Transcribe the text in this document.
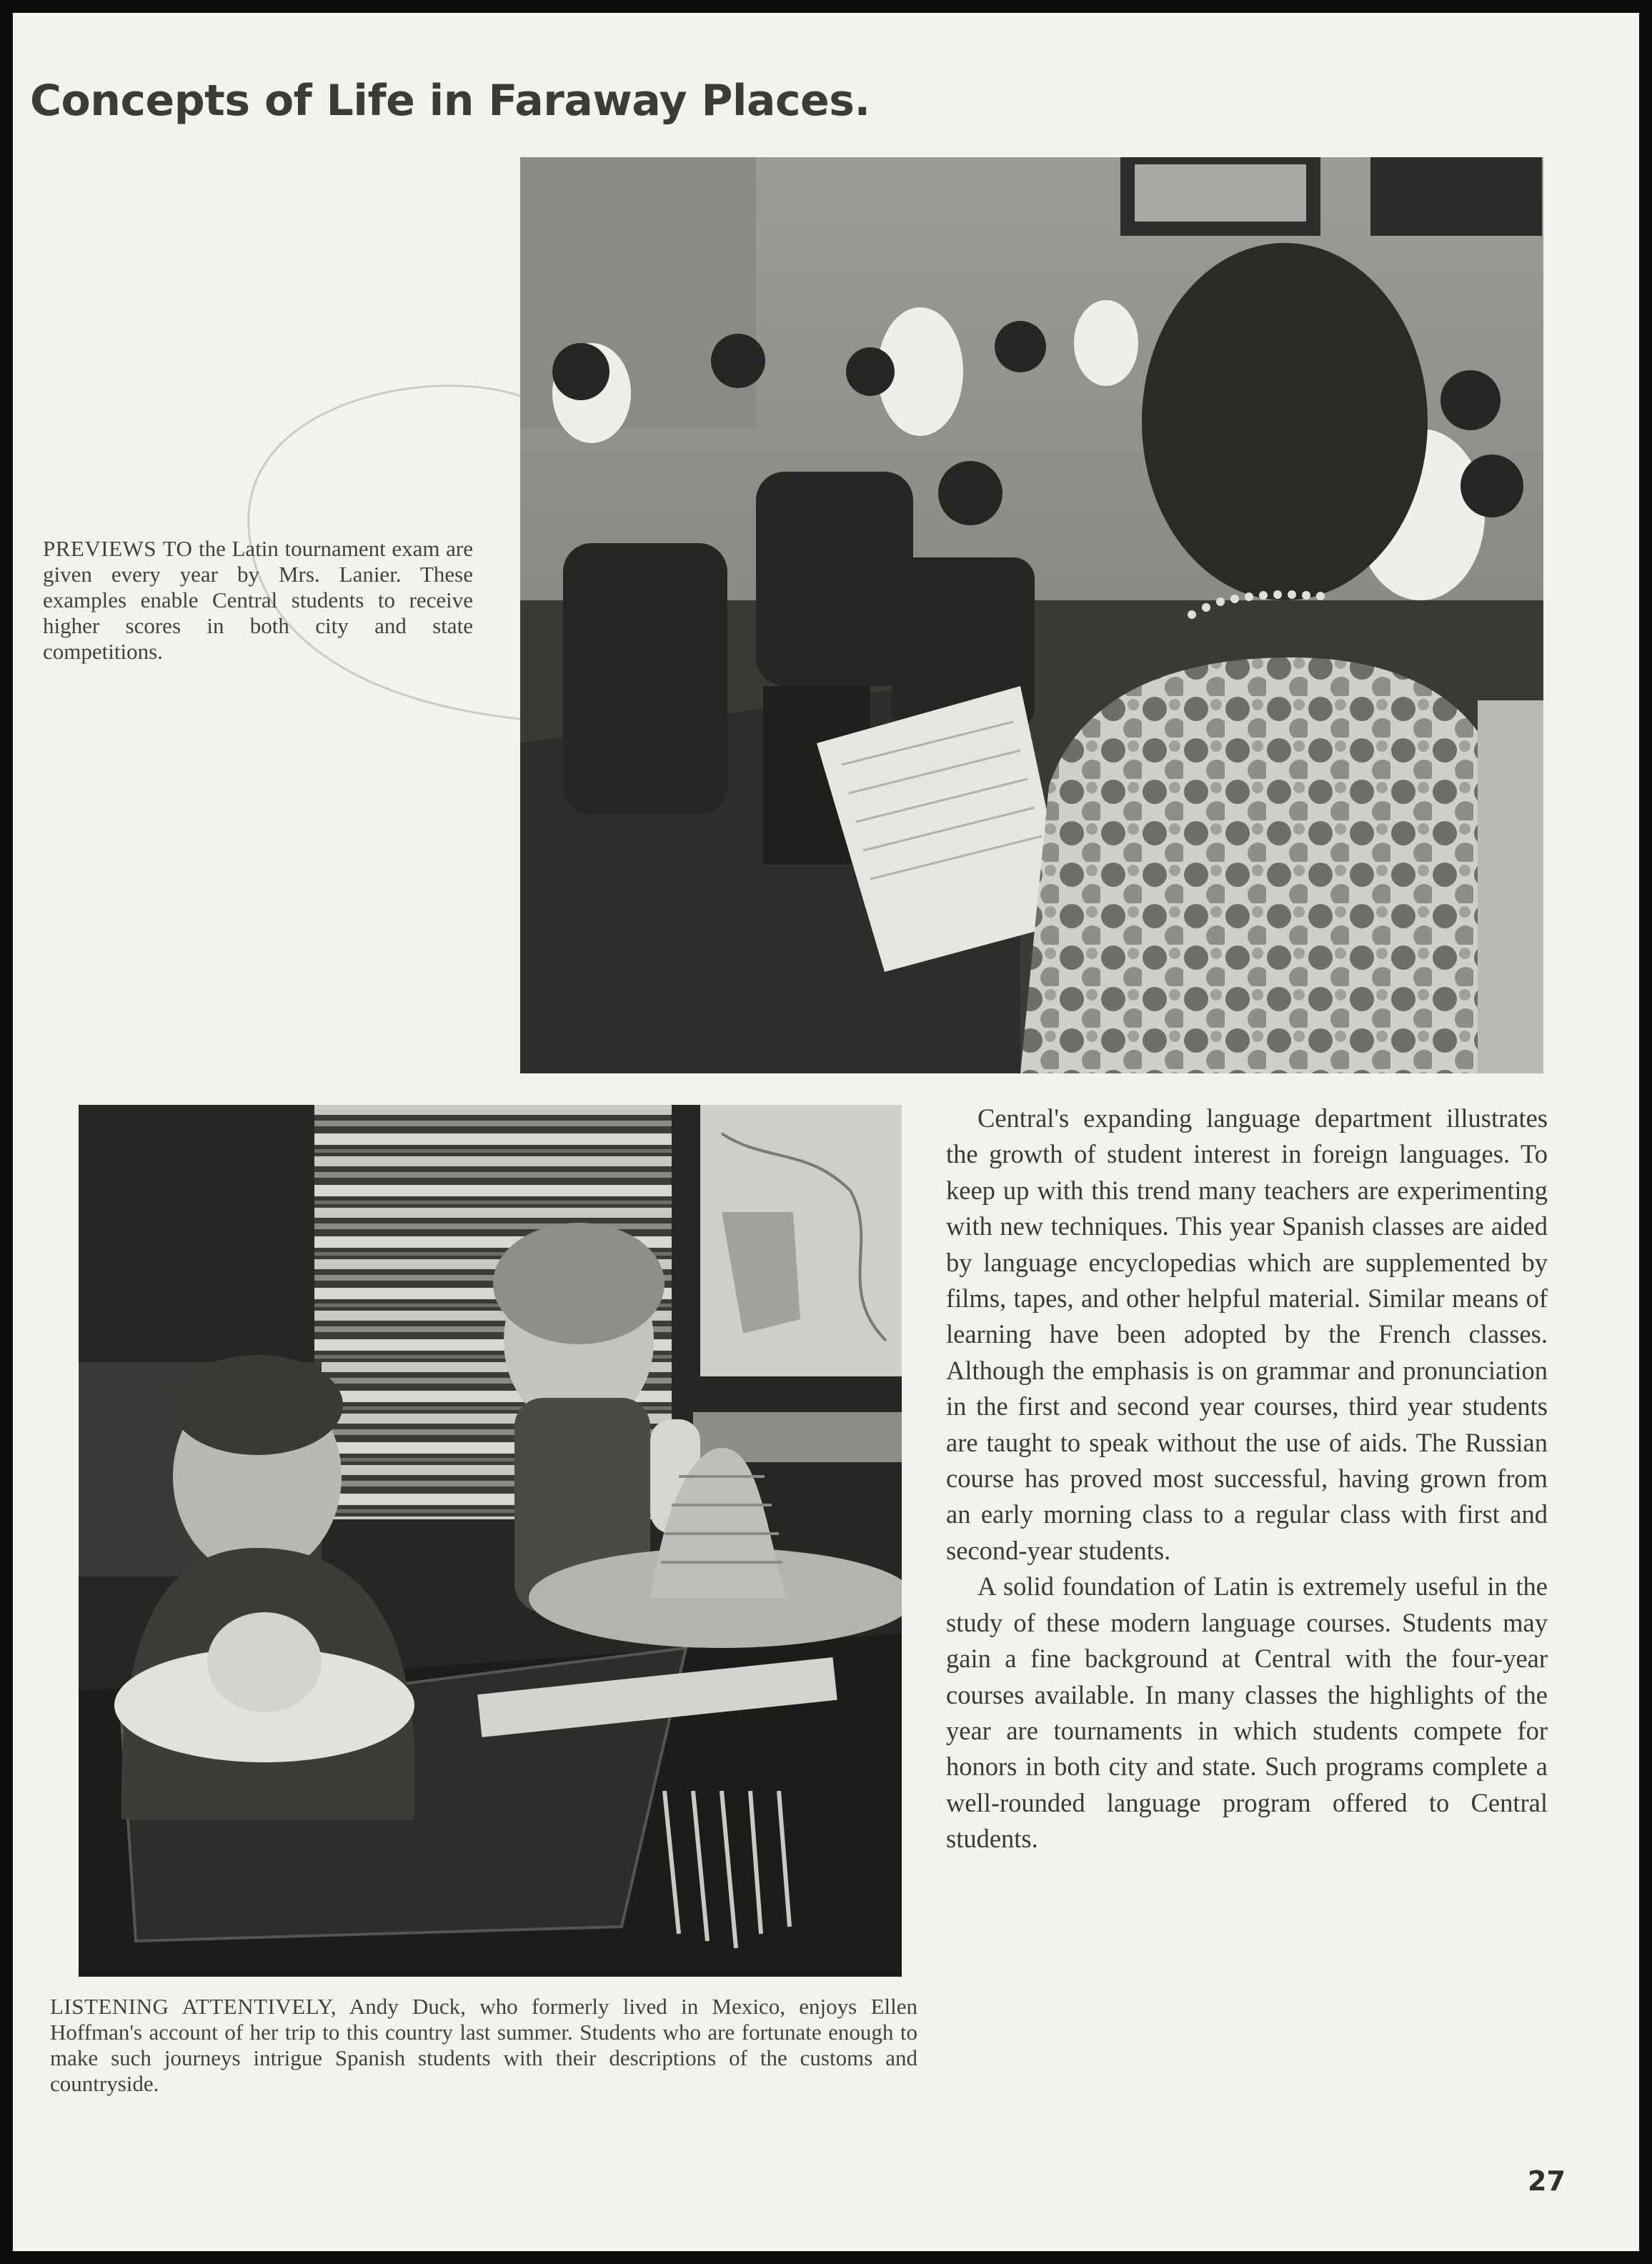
Concepts of Life in Faraway Places.

PREVIEWS TO the Latin tournament exam are given every year by Mrs. Lanier. These examples enable Central students to receive higher scores in both city and state competitions.

Central's expanding language department illustrates the growth of student interest in foreign languages. To keep up with this trend many teachers are experimenting with new techniques. This year Spanish classes are aided by language encyclopedias which are supplemented by films, tapes, and other helpful material. Similar means of learning have been adopted by the French classes. Although the emphasis is on grammar and pronunciation in the first and second year courses, third year students are taught to speak without the use of aids. The Russian course has proved most successful, having grown from an early morning class to a regular class with first and second-year students.

A solid foundation of Latin is extremely useful in the study of these modern language courses. Students may gain a fine background at Central with the four-year courses available. In many classes the highlights of the year are tournaments in which students compete for honors in both city and state. Such programs complete a well-rounded language program offered to Central students.

LISTENING ATTENTIVELY, Andy Duck, who formerly lived in Mexico, enjoys Ellen Hoffman's account of her trip to this country last summer. Students who are fortunate enough to make such journeys intrigue Spanish students with their descriptions of the customs and countryside.

27
